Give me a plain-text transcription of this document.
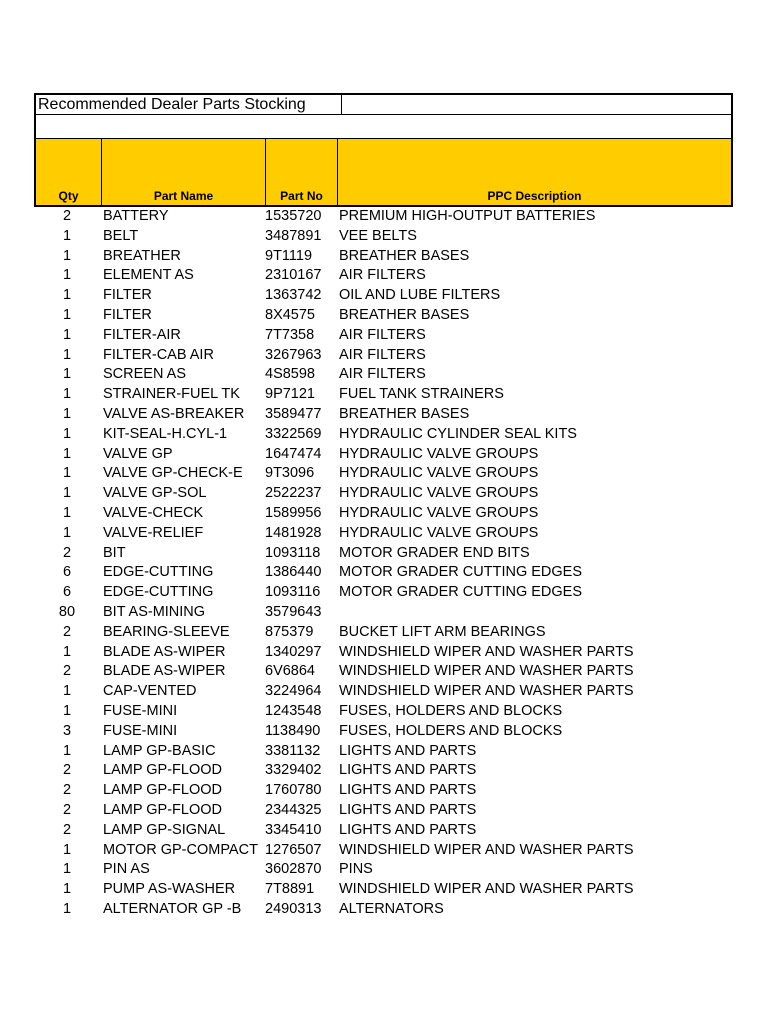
Recommended Dealer Parts Stocking
Qty	Part Name	Part No	PPC Description
2	BATTERY	1535720	PREMIUM HIGH-OUTPUT BATTERIES
1	BELT	3487891	VEE BELTS
1	BREATHER	9T1119	BREATHER BASES
1	ELEMENT AS	2310167	AIR FILTERS
1	FILTER	1363742	OIL AND LUBE FILTERS
1	FILTER	8X4575	BREATHER BASES
1	FILTER-AIR	7T7358	AIR FILTERS
1	FILTER-CAB AIR	3267963	AIR FILTERS
1	SCREEN AS	4S8598	AIR FILTERS
1	STRAINER-FUEL TK	9P7121	FUEL TANK STRAINERS
1	VALVE AS-BREAKER	3589477	BREATHER BASES
1	KIT-SEAL-H.CYL-1	3322569	HYDRAULIC CYLINDER SEAL KITS
1	VALVE GP	1647474	HYDRAULIC VALVE GROUPS
1	VALVE GP-CHECK-E	9T3096	HYDRAULIC VALVE GROUPS
1	VALVE GP-SOL	2522237	HYDRAULIC VALVE GROUPS
1	VALVE-CHECK	1589956	HYDRAULIC VALVE GROUPS
1	VALVE-RELIEF	1481928	HYDRAULIC VALVE GROUPS
2	BIT	1093118	MOTOR GRADER END BITS
6	EDGE-CUTTING	1386440	MOTOR GRADER CUTTING EDGES
6	EDGE-CUTTING	1093116	MOTOR GRADER CUTTING EDGES
80	BIT AS-MINING	3579643
2	BEARING-SLEEVE	875379	BUCKET LIFT ARM BEARINGS
1	BLADE AS-WIPER	1340297	WINDSHIELD WIPER AND WASHER PARTS
2	BLADE AS-WIPER	6V6864	WINDSHIELD WIPER AND WASHER PARTS
1	CAP-VENTED	3224964	WINDSHIELD WIPER AND WASHER PARTS
1	FUSE-MINI	1243548	FUSES, HOLDERS AND BLOCKS
3	FUSE-MINI	1138490	FUSES, HOLDERS AND BLOCKS
1	LAMP GP-BASIC	3381132	LIGHTS AND PARTS
2	LAMP GP-FLOOD	3329402	LIGHTS AND PARTS
2	LAMP GP-FLOOD	1760780	LIGHTS AND PARTS
2	LAMP GP-FLOOD	2344325	LIGHTS AND PARTS
2	LAMP GP-SIGNAL	3345410	LIGHTS AND PARTS
1	MOTOR GP-COMPACT 1276507	WINDSHIELD WIPER AND WASHER PARTS
1	PIN AS	3602870	PINS
1	PUMP AS-WASHER	7T8891	WINDSHIELD WIPER AND WASHER PARTS
1	ALTERNATOR GP -B	2490313	ALTERNATORS
